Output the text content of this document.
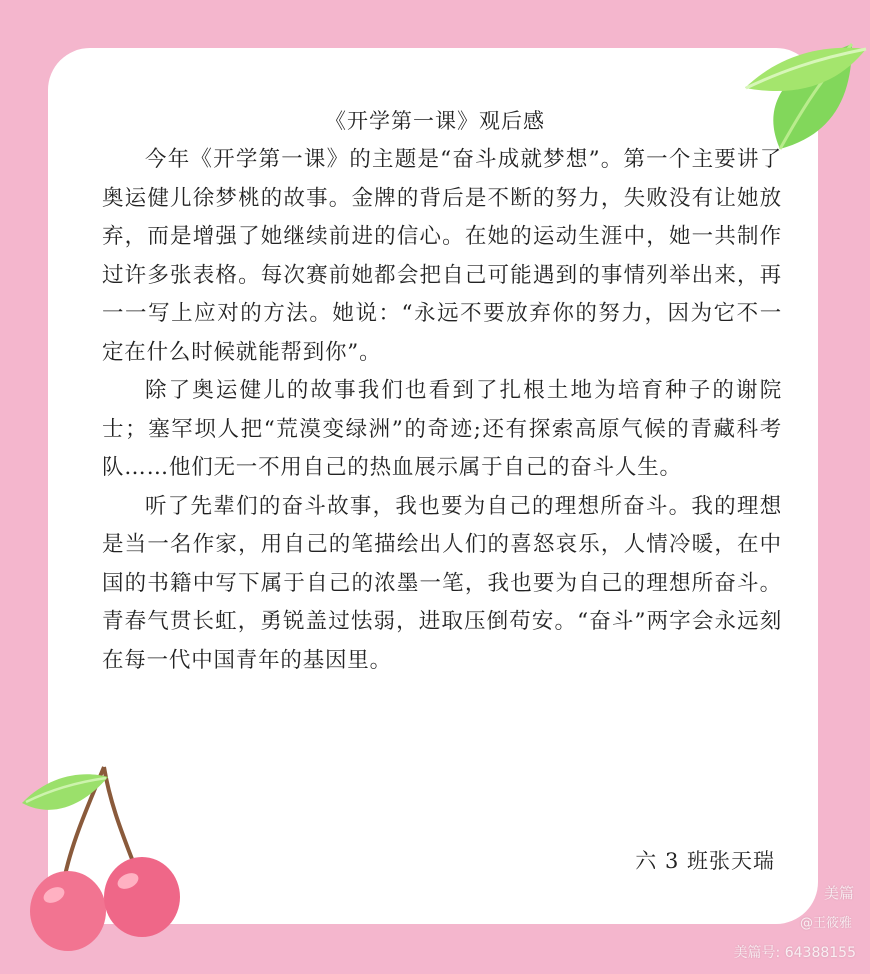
《开学第一课》观后感

今年《开学第一课》的主题是“奋斗成就梦想”。第一个主要讲了奥运健儿徐梦桃的故事。金牌的背后是不断的努力，失败没有让她放弃，而是增强了她继续前进的信心。在她的运动生涯中，她一共制作过许多张表格。每次赛前她都会把自己可能遇到的事情列举出来，再一一写上应对的方法。她说：“永远不要放弃你的努力，因为它不一定在什么时候就能帮到你”。

除了奥运健儿的故事我们也看到了扎根土地为培育种子的谢院士；塞罕坝人把“荒漠变绿洲”的奇迹;还有探索高原气候的青藏科考队……他们无一不用自己的热血展示属于自己的奋斗人生。

听了先辈们的奋斗故事，我也要为自己的理想所奋斗。我的理想是当一名作家，用自己的笔描绘出人们的喜怒哀乐，人情冷暖，在中国的书籍中写下属于自己的浓墨一笔，我也要为自己的理想所奋斗。青春气贯长虹，勇锐盖过怯弱，进取压倒苟安。“奋斗”两字会永远刻在每一代中国青年的基因里。

六 3 班张天瑞
美篇
@王筱雅
美篇号: 64388155
